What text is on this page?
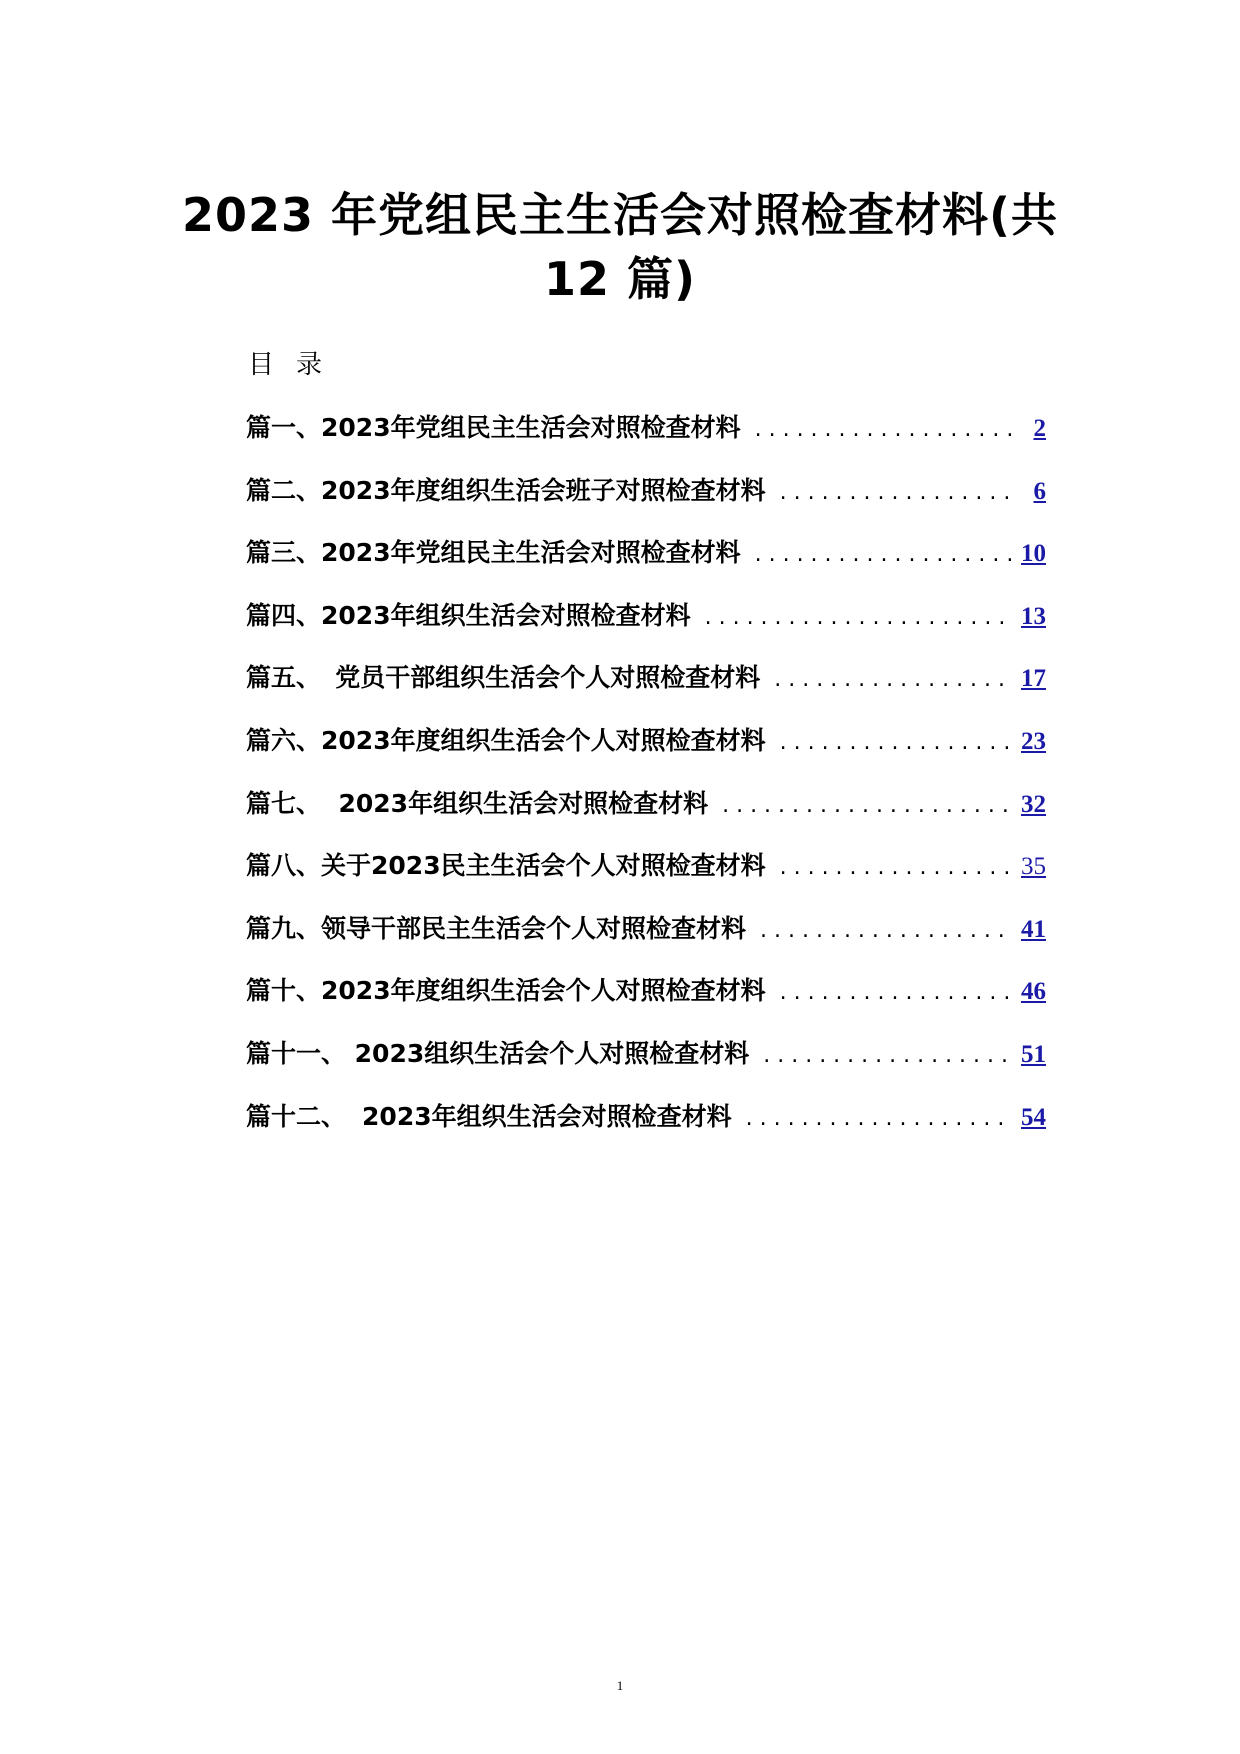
2023 年党组民主生活会对照检查材料(共
12 篇)
目录
篇一、 2023年党组民主生活会对照检查材料 . . .	2
篇二、 2023年度组织生活会班子对照检查材料 . . .	6
篇三、 2023年党组民主生活会对照检查材料 . . .	10
篇四、 2023年组织生活会对照检查材料 . . .	13
篇五、 党员干部组织生活会个人对照检查材料 . . .	17
篇六、 2023年度组织生活会个人对照检查材料 . . .	23
篇七、 2023年组织生活会对照检查材料 . . .	32
篇八、 关于2023民主生活会个人对照检查材料 . . .	35
篇九、 领导干部民主生活会个人对照检查材料 . . .	41
篇十、 2023年度组织生活会个人对照检查材料 . . .	46
篇十一、 2023组织生活会个人对照检查材料 . . .	51
篇十二、 2023年组织生活会对照检查材料 . . .	54
1
